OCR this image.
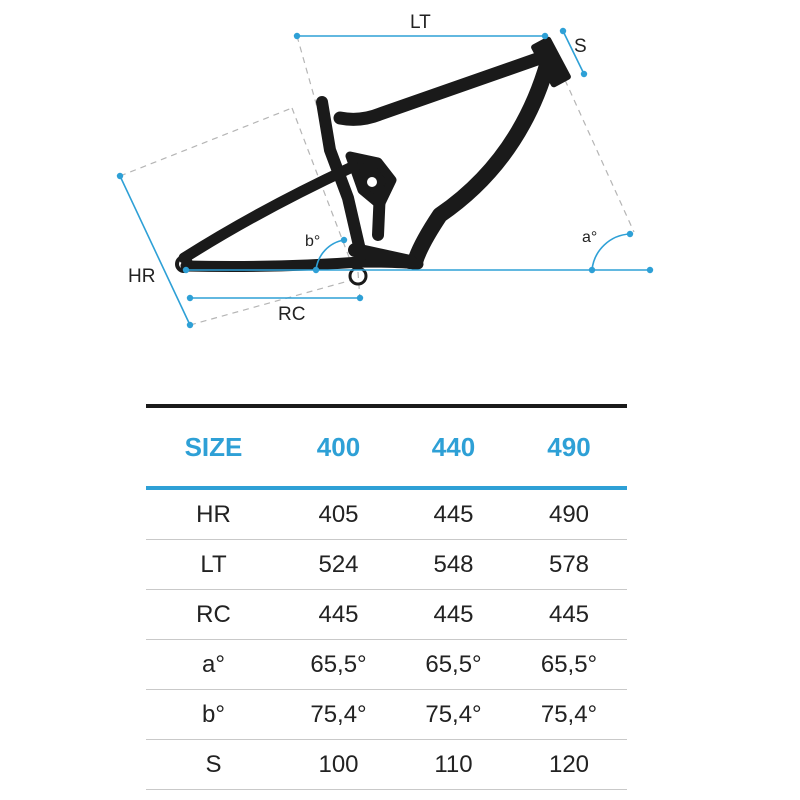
LT
S
HR
RC
a°
b°
SIZE	400	440	490
HR	405	445	490
LT	524	548	578
RC	445	445	445
a°	65,5°	65,5°	65,5°
b°	75,4°	75,4°	75,4°
S	100	110	120
